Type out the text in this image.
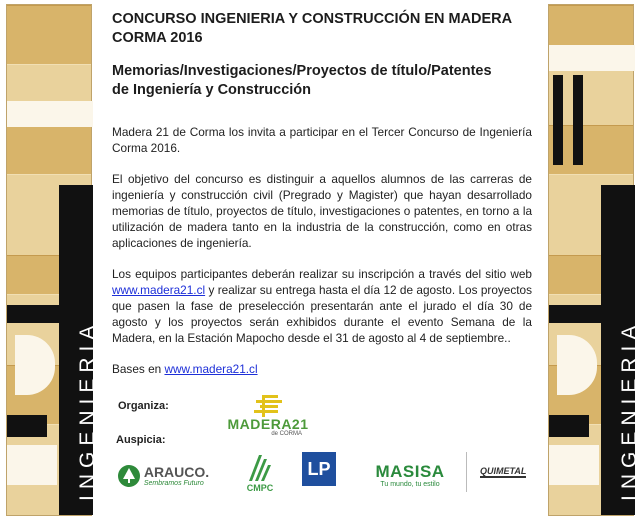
INGENIERIA	INGENIERIA
CONCURSO INGENIERIA Y CONSTRUCCIÓN EN MADERA
CORMA 2016
Memorias/Investigaciones/Proyectos de título/Patentes
de Ingeniería y Construcción

Madera 21 de Corma los invita a participar en el Tercer Concurso de Ingeniería Corma 2016.

El objetivo del concurso es distinguir a aquellos alumnos de las carreras de ingeniería y construcción civil (Pregrado y Magister) que hayan desarrollado memorias de título, proyectos de título, investigaciones o patentes, en torno a la utilización de madera tanto en la industria de la construcción, como en otras aplicaciones de ingeniería.

Los equipos participantes deberán realizar su inscripción a través del sitio web www.madera21.cl y realizar su entrega hasta el día 12 de agosto. Los proyectos que pasen la fase de preselección presentarán ante el jurado el día 30 de agosto y los proyectos serán exhibidos durante el evento Semana de la Madera, en la Estación Mapocho desde el 31 de agosto al 4 de septiembre..

Bases en www.madera21.cl

Organiza:
Auspicia:
MADERA21
de CORMA
ARAUCO.
Sembramos Futuro	CMPC
LP	MASISA
Tu mundo, tu estilo
QUIMETAL
